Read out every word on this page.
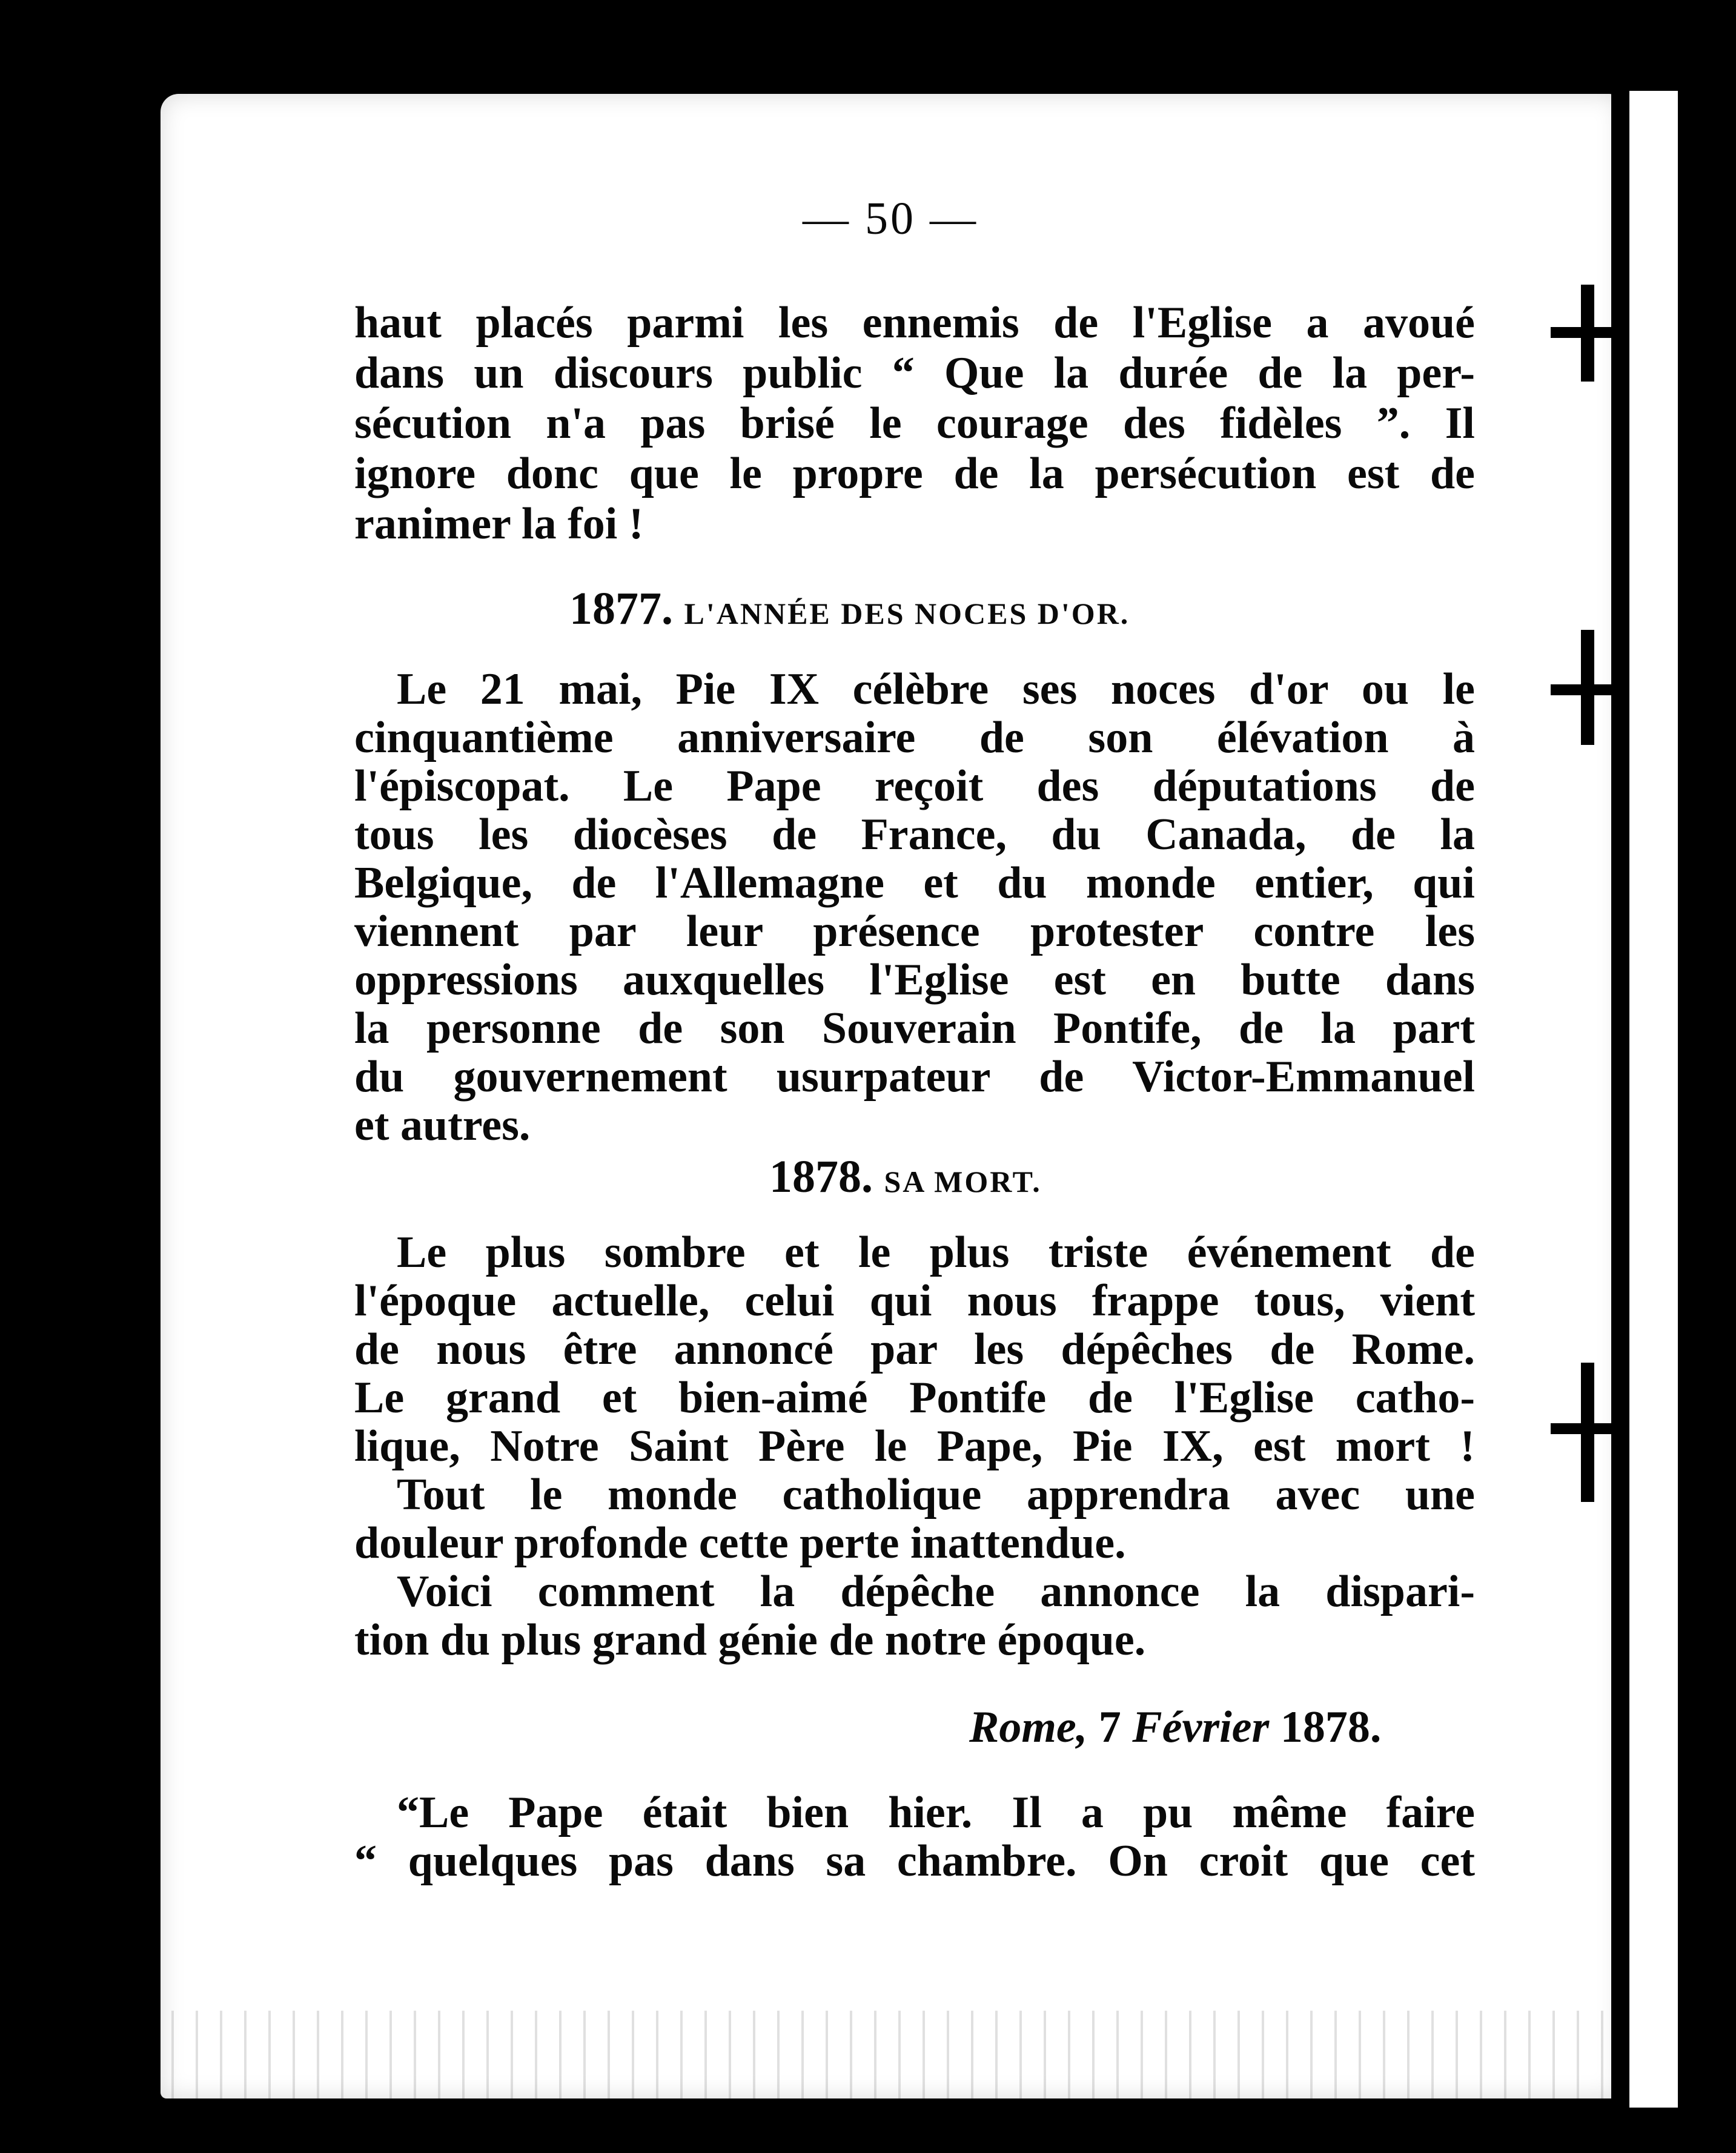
— 50 —
haut placés parmi les ennemis de l'Eglise a avoué
dans un discours public “ Que la durée de la per-
sécution n'a pas brisé le courage des fidèles ”. Il
ignore donc que le propre de la persécution est de
ranimer la foi !
1877. L'ANNÉE DES NOCES D'OR.
Le 21 mai, Pie IX célèbre ses noces d'or ou le
cinquantième anniversaire de son élévation à
l'épiscopat. Le Pape reçoit des députations de
tous les diocèses de France, du Canada, de la
Belgique, de l'Allemagne et du monde entier, qui
viennent par leur présence protester contre les
oppressions auxquelles l'Eglise est en butte dans
la personne de son Souverain Pontife, de la part
du gouvernement usurpateur de Victor-Emmanuel
et autres.
1878. SA MORT.
Le plus sombre et le plus triste événement de
l'époque actuelle, celui qui nous frappe tous, vient
de nous être annoncé par les dépêches de Rome.
Le grand et bien-aimé Pontife de l'Eglise catho-
lique, Notre Saint Père le Pape, Pie IX, est mort !
Tout le monde catholique apprendra avec une
douleur profonde cette perte inattendue.
Voici comment la dépêche annonce la dispari-
tion du plus grand génie de notre époque.
Rome, 7 Février 1878.
“Le Pape était bien hier. Il a pu même faire
“ quelques pas dans sa chambre. On croit que cet
